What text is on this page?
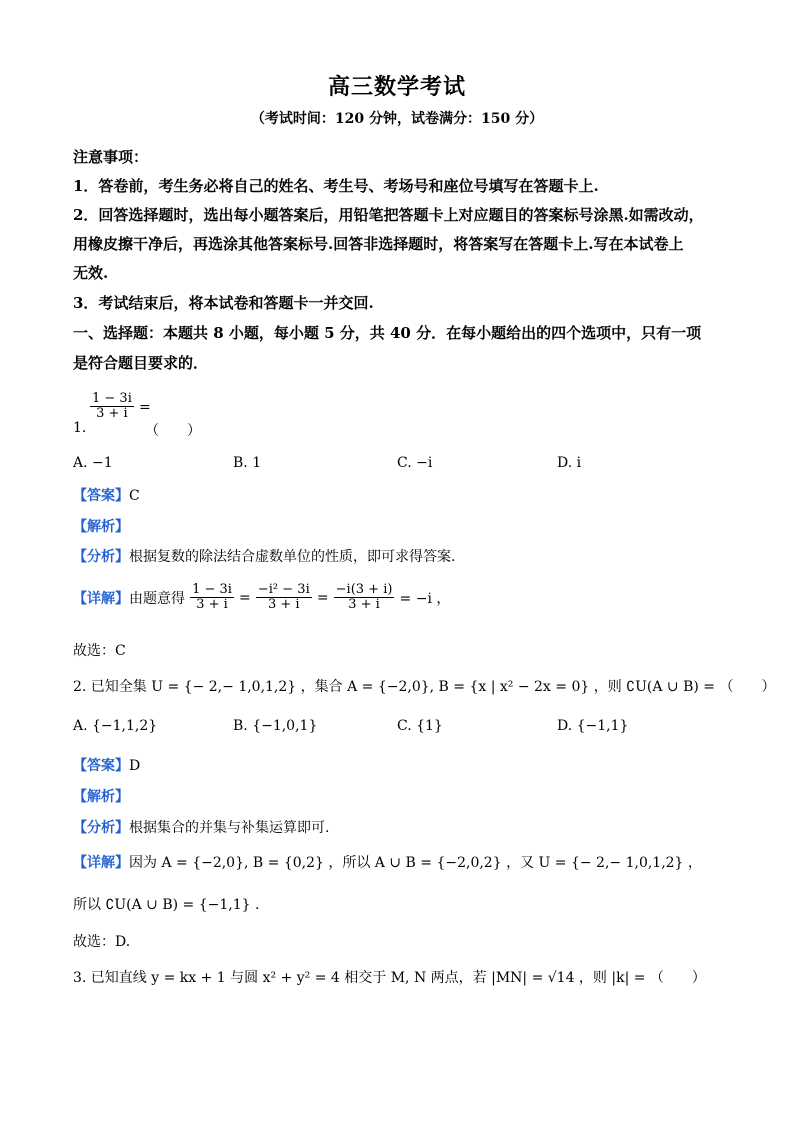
高三数学考试
（考试时间：120 分钟，试卷满分：150 分）
注意事项：
1．答卷前，考生务必将自己的姓名、考生号、考场号和座位号填写在答题卡上.
2．回答选择题时，选出每小题答案后，用铅笔把答题卡上对应题目的答案标号涂黑.如需改动，
用橡皮擦干净后，再选涂其他答案标号.回答非选择题时，将答案写在答题卡上.写在本试卷上
无效.
3．考试结束后，将本试卷和答题卡一并交回.
一、选择题：本题共 8 小题，每小题 5 分，共 40 分．在每小题给出的四个选项中，只有一项
是符合题目要求的．
1.
$\frac{1 - 3i}{3 + i}$ =
（　　）
A. −1	B. 1	C. −i	D. i
【答案】C
【解析】
【分析】根据复数的除法结合虚数单位的性质，即可求得答案.
【详解】由题意得 $\frac{1 - 3i}{3 + i} = \frac{\text{−i² − 3i}}{3 + i} = \frac{-i(3 + i)}{3 + i} = -i$ ，
故选：C
2. 已知全集 U = {− 2,− 1,0,1,2} ，集合 A = {−2,0}, B = {x | x² − 2x = 0} ，则 ∁U(A ∪ B) = （　　）
A. {−1,1,2}	B. {−1,0,1}	C. {1}	D. {−1,1}
【答案】D
【解析】
【分析】根据集合的并集与补集运算即可.
【详解】因为 A = {−2,0}, B = {0,2} ，所以 A ∪ B = {−2,0,2} ，又 U = {− 2,− 1,0,1,2} ，
所以 ∁U(A ∪ B) = {−1,1} .
故选：D.
3. 已知直线 y = kx + 1 与圆 x² + y² = 4 相交于 M, N 两点，若 |MN| = √14 ，则 |k| = （　　）
